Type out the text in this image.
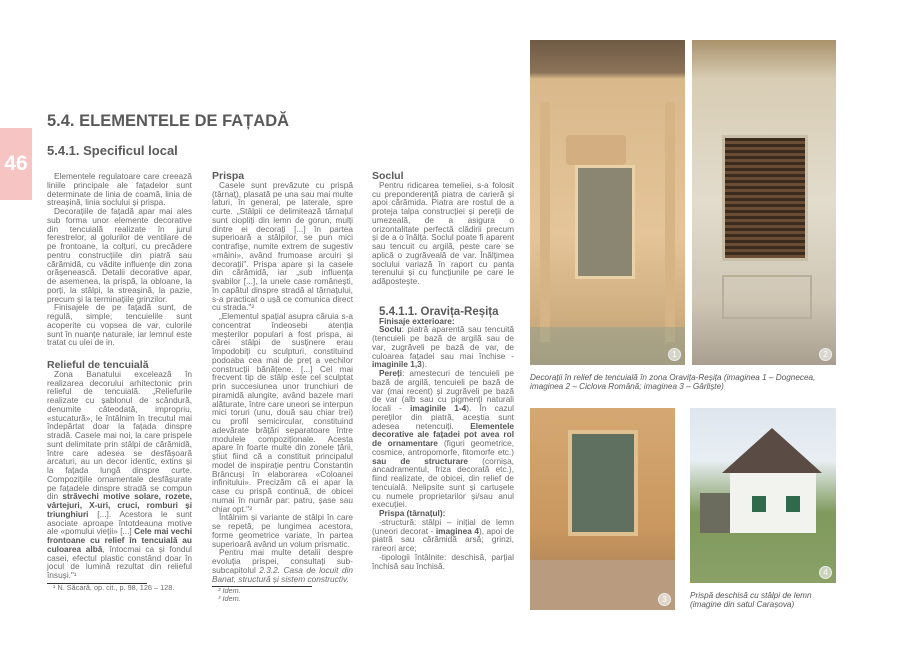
46
5.4. ELEMENTELE DE FAȚADĂ
5.4.1. Specificul local

Elementele regulatoare care creează liniile principale ale fațadelor sunt determinate de linia de coamă, linia de streașină, linia soclului și prispa.

Decorațiile de fațadă apar mai ales sub forma unor elemente decorative din tencuială realizate în jurul ferestrelor, al golurilor de ventilare de pe frontoane, la colțuri, cu precădere pentru construcțiile din piatră sau cărămidă, cu vădite influențe din zona orășenească. Detalii decorative apar, de asemenea, la prispă, la obloane, la porți, la stâlpi, la streașină, la pazie, precum și la terminațiile grinzilor.

Finisajele de pe fațadă sunt, de regulă, simple; tencuielile sunt acoperite cu vopsea de var, culorile sunt în nuanțe naturale, iar lemnul este tratat cu ulei de in.

Relieful de tencuială

Zona Banatului excelează în realizarea decorului arhitectonic prin relieful de tencuială. „Reliefurile realizate cu șablonul de scândură, denumite câteodată, impropriu, «stucatură», le întâlnim în trecutul mai îndepărtat doar la fațada dinspre stradă. Casele mai noi, la care prispele sunt delimitate prin stâlpi de cărămidă, între care adesea se desfășoară arcaturi, au un decor identic, extins și la fațada lungă dinspre curte. Compozițiile ornamentale desfășurate pe fațadele dinspre stradă se compun din străvechi motive solare, rozete, vârtejuri, X-uri, cruci, romburi și triunghiuri [...]. Acestora le sunt asociate aproape întotdeauna motive ale «pomului vieții» [...] Cele mai vechi frontoane cu relief în tencuială au culoarea albă, întocmai ca și fondul casei, efectul plastic constând doar în jocul de lumină rezultat din relieful însuși."¹

¹ N. Săcară, op. cit., p. 98, 126 – 128.

Prispa

Casele sunt prevăzute cu prispă (târnaț), plasată pe una sau mai multe laturi, în general, pe laterale, spre curte. „Stâlpii ce delimitează târnațul sunt cioplіți din lemn de gorun, mulți dintre ei decorați [...] în partea superioară a stâlpilor, se pun mici contrafișe, numite extrem de sugestiv «mâini», având frumoase arcuiri și decorații". Prispa apare și la casele din cărămidă, iar „sub influența șvabilor [...], la unele case românești, în capătul dinspre stradă al târnațului, s-a practicat o ușă ce comunica direct cu strada."²

„Elementul spațial asupra căruia s-a concentrat îndeosebi atenția meșterilor populari a fost prispa, ai cărei stâlpi de susținere erau împodobiți cu sculpturi, constituind podoaba cea mai de preț a vechilor construcții bănățene. [...] Cel mai frecvent tip de stâlp este cel sculptat prin succesiunea unor trunchiuri de piramidă alungite, având bazele mari alăturate, între care uneori se interpun mici toruri (unu, două sau chiar trei) cu profil semicircular, constituind adevărate brățări separatoare între modulele compoziționale. Acesta apare în foarte multe din zonele țării, știut fiind că a constituit principalul model de inspirație pentru Constantin Brâncuși în elaborarea «Coloanei infinitului». Precizăm că ei apar la case cu prispă continuă, de obicei numai în număr par: patru, șase sau chiar opt."³

Întâlnim și variante de stâlpi în care se repetă, pe lungimea acestora, forme geometrice variate, în partea superioară având un volum prismatic.

Pentru mai multe detalii despre evoluția prispei, consultați sub-subcapitolul 2.3.2. Casa de locuit din Banat, structură și sistem constructiv.

² Idem.

³ Idem.

Soclul

Pentru ridicarea temeliei, s-a folosit cu preponderență piatra de carieră și apoi cărămida. Piatra are rostul de a proteja talpa construcției și pereții de umezeală, de a asigura o orizontalitate perfectă clădirii precum și de a o înălța. Soclul poate fi aparent sau tencuit cu argilă, peste care se aplică o zugrăveală de var. Înălțimea soclului variază în raport cu panta terenului și cu funcțiunile pe care le adăpostește.

5.4.1.1. Oravița-Reșița

Finisaje exterioare:

Soclu: piatră aparentă sau tencuită (tencuieli pe bază de argilă sau de var, zugrăveli pe bază de var, de culoarea fațadei sau mai închise - imaginile 1,3).

Pereți: amestecuri de tencuieli pe bază de argilă, tencuieli pe bază de var (mai recent) și zugrăveli pe bază de var (alb sau cu pigmenți naturali locali - imaginile 1-4). În cazul pereților din piatră, aceștia sunt adesea netencuiți. Elementele decorative ale fațadei pot avea rol de ornamentare (figuri geometrice, cosmice, antropomorfe, fitomorfe etc.) sau de structurare (cornișa, ancadramentul, friza decorată etc.), fiind realizate, de obicei, din relief de tencuială. Nelipsite sunt și cartușele cu numele proprietarilor și/sau anul execuției.

Prispa (târnațul):

-structură: stâlpi – inițial de lemn (uneori decorat - imaginea 4), apoi de piatră sau cărămidă arsă; grinzi, rareori arce;

-tipologii întâlnite: deschisă, parțial închisă sau închisă.

1	2
Decorații în relief de tencuială în zona Oravița-Reșița (imaginea 1 – Dognecea, imaginea 2 – Ciclova Română; imaginea 3 – Gârliște)
3
4
Prispă deschisă cu stâlpi de lemn (imagine din satul Carașova)
